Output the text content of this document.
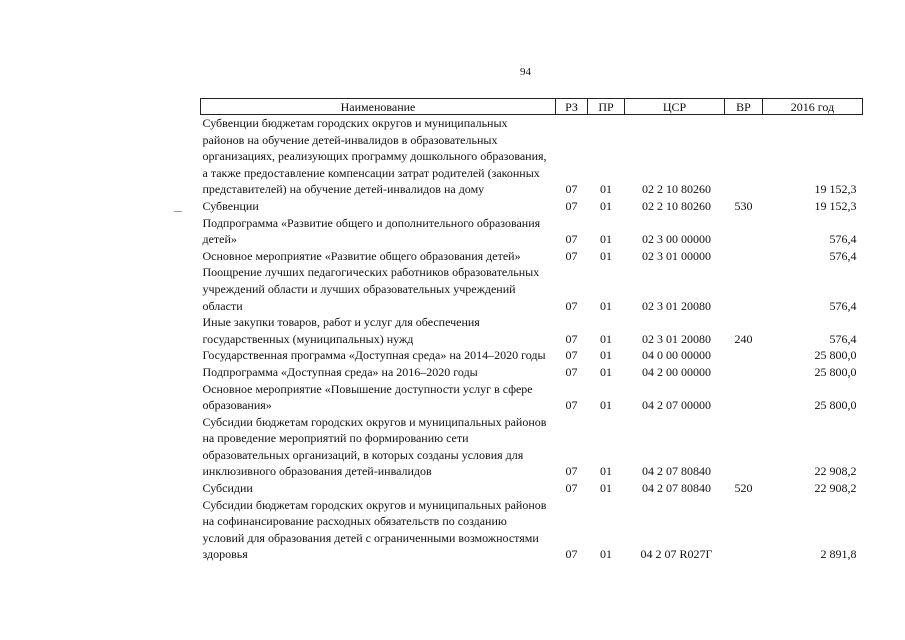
94
Наименование	РЗ	ПР	ЦСР	ВР	2016 год
Субвенции бюджетам городских округов и муниципальных районов на обучение детей-инвалидов в образовательных организациях, реализующих программу дошкольного образования, а также предоставление компенсации затрат родителей (законных представителей) на обучение детей-инвалидов на дому	07	01	02 2 10 80260		19 152,3
Субвенции	07	01	02 2 10 80260	530	19 152,3
Подпрограмма «Развитие общего и дополнительного образования детей»	07	01	02 3 00 00000		576,4
Основное мероприятие «Развитие общего образования детей»	07	01	02 3 01 00000		576,4
Поощрение лучших педагогических работников образовательных учреждений области и лучших образовательных учреждений области	07	01	02 3 01 20080		576,4
Иные закупки товаров, работ и услуг для обеспечения государственных (муниципальных) нужд	07	01	02 3 01 20080	240	576,4
Государственная программа «Доступная среда» на 2014–2020 годы	07	01	04 0 00 00000		25 800,0
Подпрограмма «Доступная среда» на 2016–2020 годы	07	01	04 2 00 00000		25 800,0
Основное мероприятие «Повышение доступности услуг в сфере образования»	07	01	04 2 07 00000		25 800,0
Субсидии бюджетам городских округов и муниципальных районов на проведение мероприятий по формированию сети образовательных организаций, в которых созданы условия для инклюзивного образования детей-инвалидов	07	01	04 2 07 80840		22 908,2
Субсидии	07	01	04 2 07 80840	520	22 908,2
Субсидии бюджетам городских округов и муниципальных районов на софинансирование расходных обязательств по созданию условий для образования детей с ограниченными возможностями здоровья	07	01	04 2 07 R027Г		2 891,8
